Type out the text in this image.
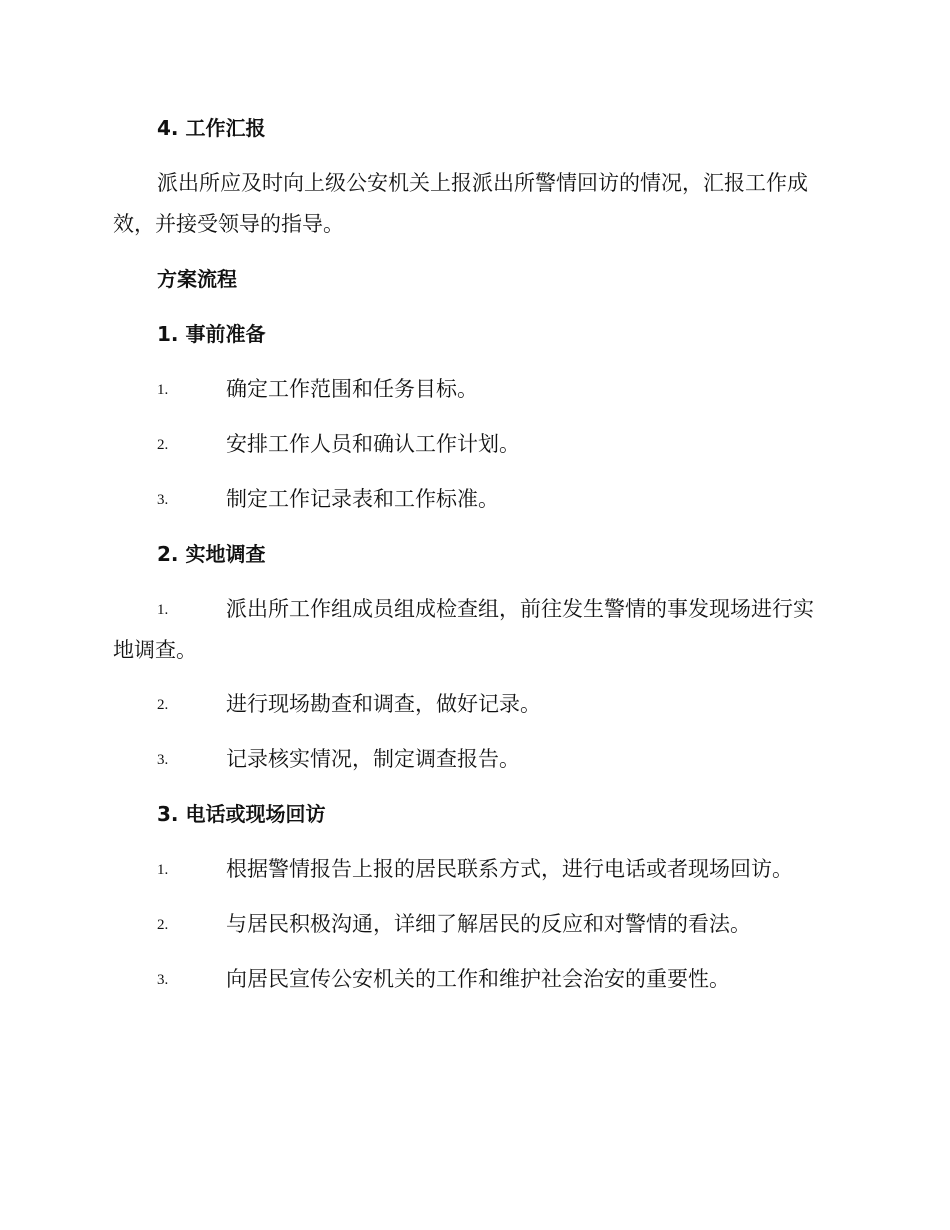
4. 工作汇报
派出所应及时向上级公安机关上报派出所警情回访的情况，汇报工作成
效，并接受领导的指导。
方案流程
1. 事前准备
1.	确定工作范围和任务目标。
2.	安排工作人员和确认工作计划。
3.	制定工作记录表和工作标准。
2. 实地调查
1.	派出所工作组成员组成检查组，前往发生警情的事发现场进行实
地调查。
2.	进行现场勘查和调查，做好记录。
3.	记录核实情况，制定调查报告。
3. 电话或现场回访
1.	根据警情报告上报的居民联系方式，进行电话或者现场回访。
2.	与居民积极沟通，详细了解居民的反应和对警情的看法。
3.	向居民宣传公安机关的工作和维护社会治安的重要性。
